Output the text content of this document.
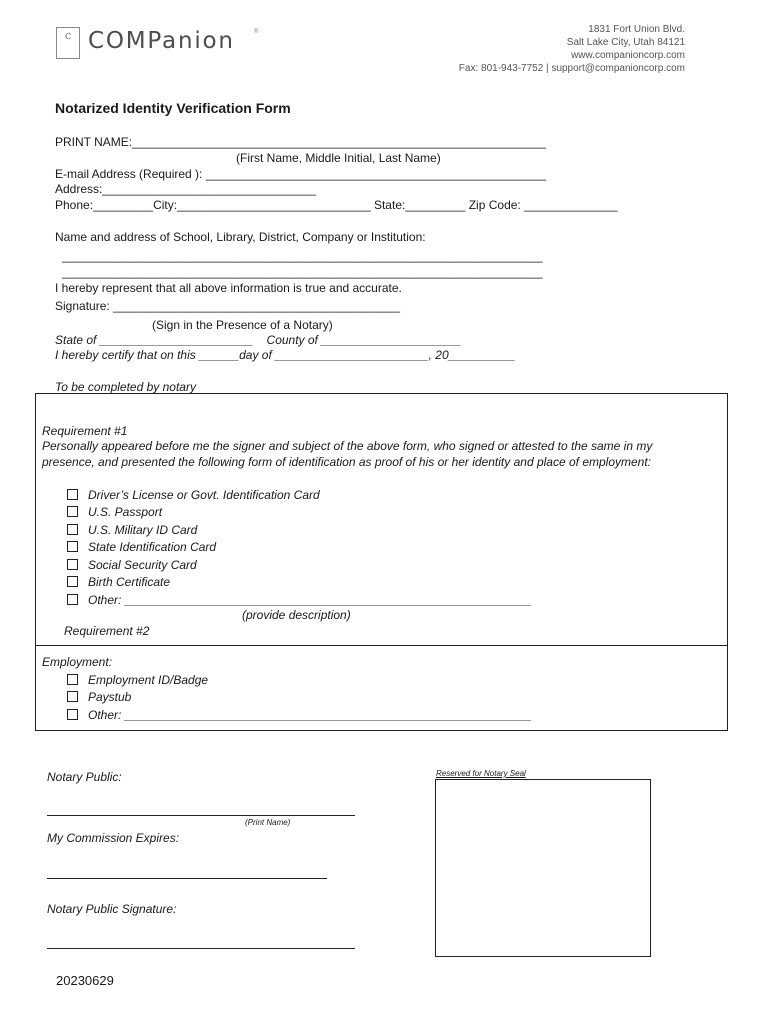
C COMPanion	®	1831 Fort Union Blvd.
Salt Lake City, Utah 84121
www.companioncorp.com
Fax: 801-943-7752 | support@companioncorp.com
Notarized Identity Verification Form
PRINT NAME:______________________________________________________________
(First Name, Middle Initial, Last Name)
E-mail Address (Required ): ___________________________________________________
Address:________________________________
Phone:_________City:_____________________________ State:_________ Zip Code: ______________
Name and address of School, Library, District, Company or Institution:
________________________________________________________________________
________________________________________________________________________
I hereby represent that all above information is true and accurate.
Signature: ___________________________________________
(Sign in the Presence of a Notary)
State of _______________________    County of _____________________
I hereby certify that on this ______day of _______________________, 20__________
To be completed by notary
Requirement #1
Personally appeared before me the signer and subject of the above form, who signed or attested to the same in my
presence, and presented the following form of identification as proof of his or her identity and place of employment:
Driver’s License or Govt. Identification Card
U.S. Passport
U.S. Military ID Card
State Identification Card
Social Security Card
Birth Certificate
Other: _____________________________________________________________
(provide description)
Requirement #2
Employment:
Employment ID/Badge
Paystub
Other: _____________________________________________________________
Notary Public:
(Print Name)
My Commission Expires:
Notary Public Signature:
Reserved for Notary Seal
20230629
